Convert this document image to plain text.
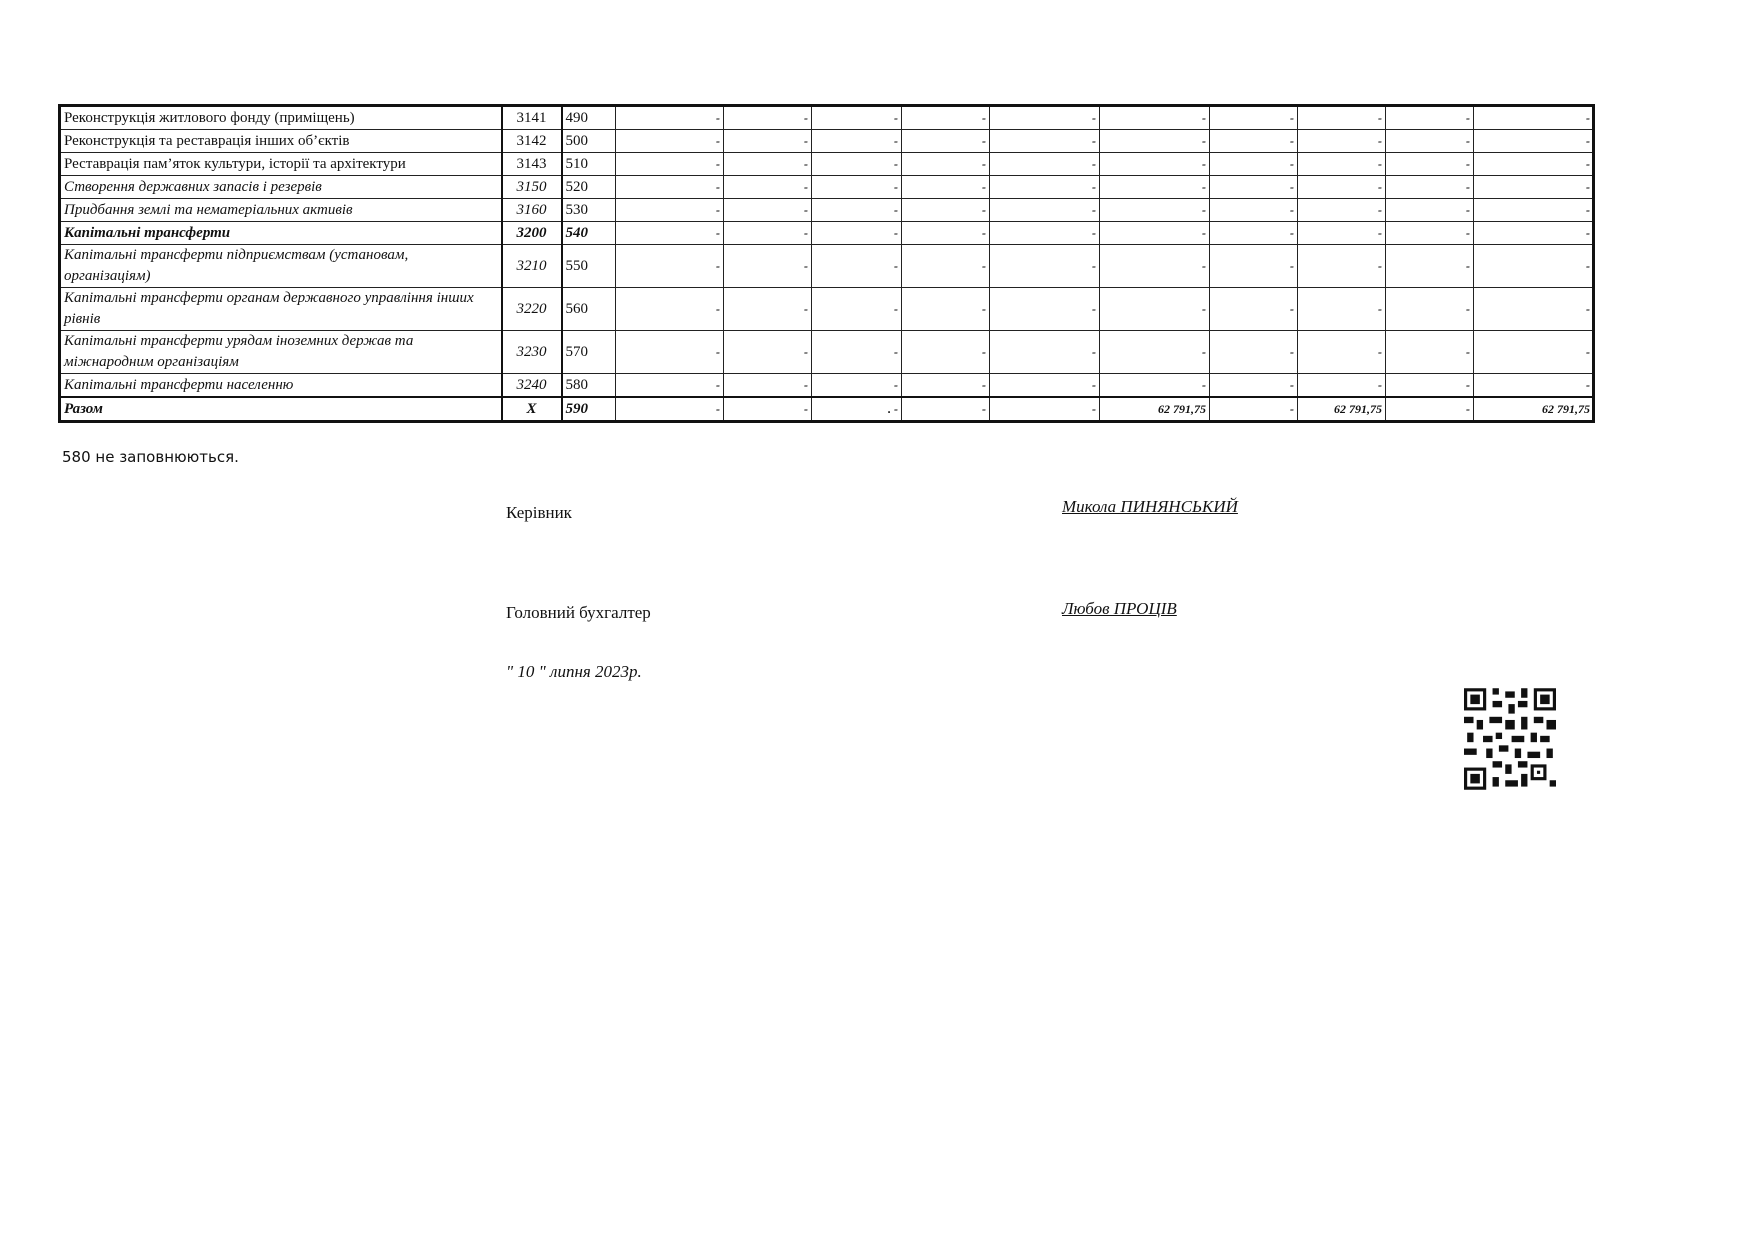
Реконструкція житлового фонду (приміщень)	3141	490	-	-	-	-	-	-	-	-	-	-	
Реконструкція та реставрація інших об’єктів	3142	500	-	-	-	-	-	-	-	-	-	-	
Реставрація пам’яток культури, історії та архітектури	3143	510	-	-	-	-	-	-	-	-	-	-	
Створення державних запасів і резервів	3150	520	-	-	-	-	-	-	-	-	-	-	
Придбання землі та нематеріальних активів	3160	530	-	-	-	-	-	-	-	-	-	-	
Капітальні трансферти	3200	540	-	-	-	-	-	-	-	-	-	-	
Капітальні трансферти підприємствам (установам, організаціям)	3210	550	-	-	-	-	-	-	-	-	-	-	
Капітальні трансферти органам державного управління інших рівнів	3220	560	-	-	-	-	-	-	-	-	-	-	
Капітальні трансферти урядам іноземних держав та міжнародним організаціям	3230	570	-	-	-	-	-	-	-	-	-	-	
Капітальні трансферти населенню	3240	580	-	-	-	-	-	-	-	-	-	-	
Разом	X	590	-	-	. -	-	-	62 791,75	-	62 791,75	-	62 791,75	
580 не заповнюються.
Керівник	Микола ПИНЯНСЬКИЙ
Головний бухгалтер	Любов ПРОЦІВ
" 10 " липня 2023р.
